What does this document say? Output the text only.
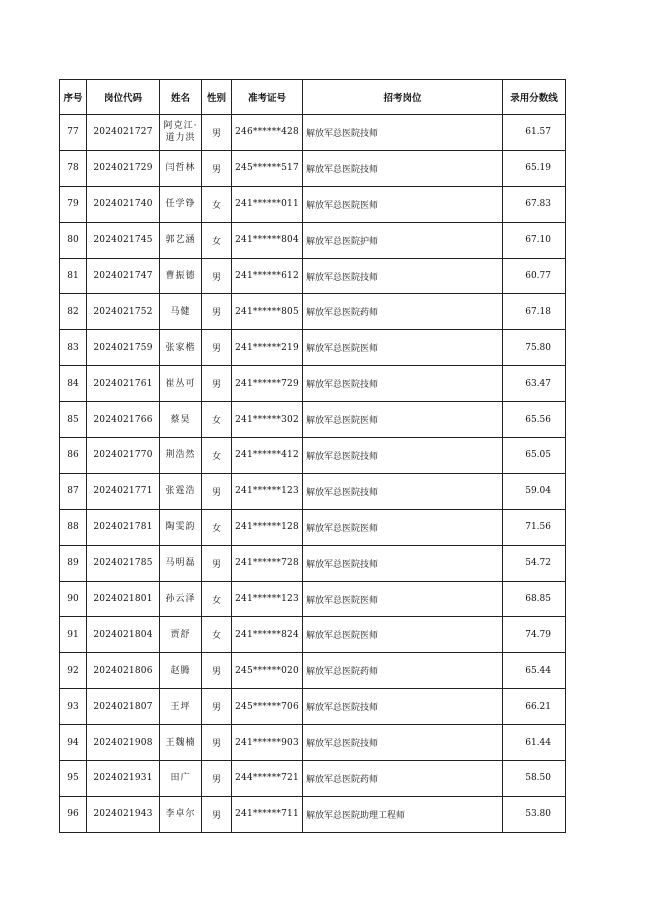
序号	岗位代码	姓名	性别	准考证号	招考岗位	录用分数线
77	2024021727	阿克江·道力洪	男	246******428	解放军总医院技师	61.57
78	2024021729	闫哲林	男	245******517	解放军总医院技师	65.19
79	2024021740	任学铮	女	241******011	解放军总医院医师	67.83
80	2024021745	郭艺涵	女	241******804	解放军总医院护师	67.10
81	2024021747	曹振德	男	241******612	解放军总医院技师	60.77
82	2024021752	马健	男	241******805	解放军总医院药师	67.18
83	2024021759	张家楷	男	241******219	解放军总医院医师	75.80
84	2024021761	崔丛可	男	241******729	解放军总医院技师	63.47
85	2024021766	蔡昊	女	241******302	解放军总医院医师	65.56
86	2024021770	荆浩然	女	241******412	解放军总医院技师	65.05
87	2024021771	张霆浩	男	241******123	解放军总医院技师	59.04
88	2024021781	陶雯韵	女	241******128	解放军总医院医师	71.56
89	2024021785	马明磊	男	241******728	解放军总医院技师	54.72
90	2024021801	孙云泽	女	241******123	解放军总医院医师	68.85
91	2024021804	贾舒	女	241******824	解放军总医院医师	74.79
92	2024021806	赵腾	男	245******020	解放军总医院药师	65.44
93	2024021807	王坪	男	245******706	解放军总医院技师	66.21
94	2024021908	王魏楠	男	241******903	解放军总医院技师	61.44
95	2024021931	田广	男	244******721	解放军总医院药师	58.50
96	2024021943	李卓尔	男	241******711	解放军总医院助理工程师	53.80
